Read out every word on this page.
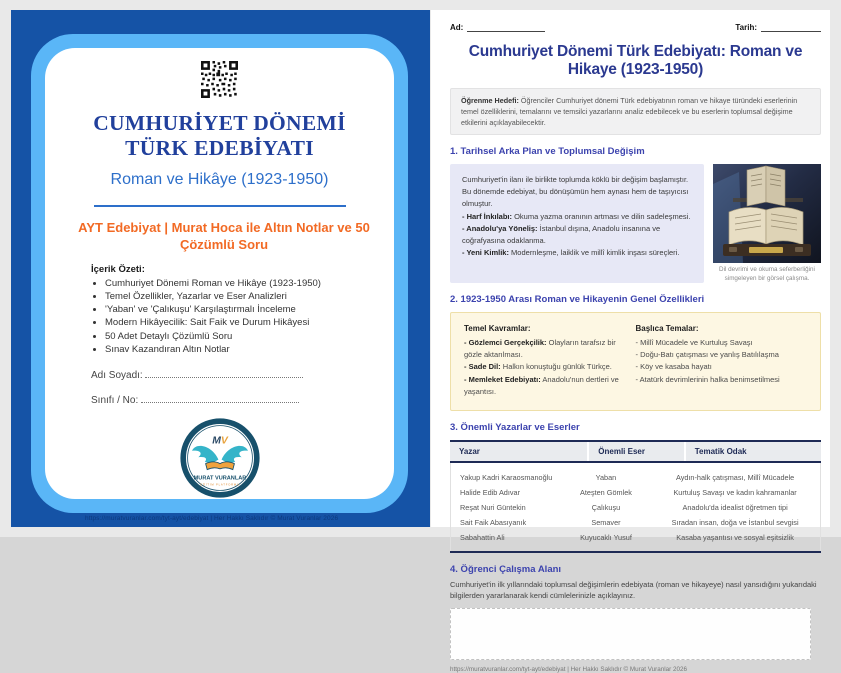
CUMHURİYET DÖNEMİ TÜRK EDEBİYATI
Roman ve Hikâye (1923-1950)
AYT Edebiyat | Murat Hoca ile Altın Notlar ve 50 Çözümlü Soru
İçerik Özeti:
• Cumhuriyet Dönemi Roman ve Hikâye (1923-1950)
• Temel Özellikler, Yazarlar ve Eser Analizleri
• 'Yaban' ve 'Çalıkuşu' Karşılaştırmalı İnceleme
• Modern Hikâyecilik: Sait Faik ve Durum Hikâyesi
• 50 Adet Detaylı Çözümlü Soru
• Sınav Kazandıran Altın Notlar
Adı Soyadı:
Sınıfı / No:
MV
MURAT VURANLAR
EĞİTİM PLATFORMU
https://muratvuranlar.com/tyt-ayt/edebiyat | Her Hakkı Saklıdır © Murat Vuranlar 2026
Ad:	Tarih:
Cumhuriyet Dönemi Türk Edebiyatı: Roman ve Hikaye (1923-1950)
Öğrenme Hedefi: Öğrenciler Cumhuriyet dönemi Türk edebiyatının roman ve hikaye türündeki eserlerinin temel özelliklerini, temalarını ve temsilci yazarlarını analiz edebilecek ve bu eserlerin toplumsal değişime etkilerini açıklayabilecektir.
1. Tarihsel Arka Plan ve Toplumsal Değişim
Cumhuriyet'in ilanı ile birlikte toplumda köklü bir değişim başlamıştır. Bu dönemde edebiyat, bu dönüşümün hem aynası hem de taşıyıcısı olmuştur.
- Harf İnkılabı: Okuma yazma oranının artması ve dilin sadeleşmesi.
- Anadolu'ya Yöneliş: İstanbul dışına, Anadolu insanına ve coğrafyasına odaklanma.
- Yeni Kimlik: Modernleşme, laiklik ve millî kimlik inşası süreçleri.
Dil devrimi ve okuma seferberliğini simgeleyen bir görsel çalışma.
2. 1923-1950 Arası Roman ve Hikayenin Genel Özellikleri
Temel Kavramlar:
- Gözlemci Gerçekçilik: Olayların tarafsız bir gözle aktarılması.
- Sade Dil: Halkın konuştuğu günlük Türkçe.
- Memleket Edebiyatı: Anadolu'nun dertleri ve yaşantısı.
Başlıca Temalar:
- Millî Mücadele ve Kurtuluş Savaşı
- Doğu-Batı çatışması ve yanlış Batılılaşma
- Köy ve kasaba hayatı
- Atatürk devrimlerinin halka benimsetilmesi
3. Önemli Yazarlar ve Eserler
Yazar	Önemli Eser	Tematik Odak
Yakup Kadri Karaosmanoğlu	Yaban	Aydın-halk çatışması, Millî Mücadele
Halide Edib Adıvar	Ateşten Gömlek	Kurtuluş Savaşı ve kadın kahramanlar
Reşat Nuri Güntekin	Çalıkuşu	Anadolu'da idealist öğretmen tipi
Sait Faik Abasıyanık	Semaver	Sıradan insan, doğa ve İstanbul sevgisi
Sabahattin Ali	Kuyucaklı Yusuf	Kasaba yaşantısı ve sosyal eşitsizlik
4. Öğrenci Çalışma Alanı
Cumhuriyet'in ilk yıllarındaki toplumsal değişimlerin edebiyata (roman ve hikayeye) nasıl yansıdığını yukarıdaki bilgilerden yararlanarak kendi cümlelerinizle açıklayınız.
https://muratvuranlar.com/tyt-ayt/edebiyat | Her Hakkı Saklıdır © Murat Vuranlar 2026
